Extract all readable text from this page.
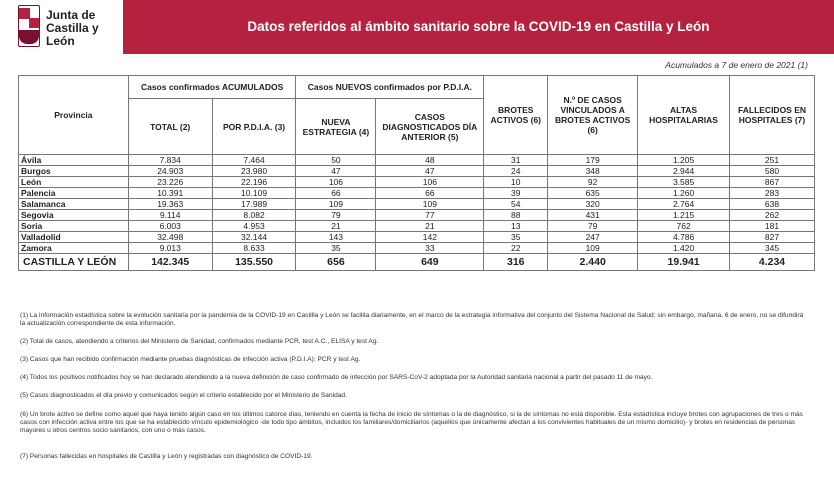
Junta de
Castilla y León
Datos referidos al ámbito sanitario sobre la COVID-19 en Castilla y León
Acumulados a 7 de enero de 2021 (1)
Provincia	Casos confirmados ACUMULADOS		Casos NUEVOS confirmados por P.D.I.A.		BROTES ACTIVOS (6)	N.º DE CASOS VINCULADOS A BROTES ACTIVOS (6)	ALTAS HOSPITALARIAS	FALLECIDOS EN HOSPITALES (7)
	TOTAL (2)	POR P.D.I.A. (3)	NUEVA ESTRATEGIA (4)	CASOS DIAGNOSTICADOS DÍA ANTERIOR (5)				
Ávila	7.834	7.464	50	48	31	179	1.205	251
Burgos	24.903	23.980	47	47	24	348	2.944	580
León	23.226	22.196	106	106	10	92	3.585	867
Palencia	10.391	10.109	66	66	39	635	1.260	283
Salamanca	19.363	17.989	109	109	54	320	2.764	638
Segovia	9.114	8.082	79	77	88	431	1.215	262
Soria	6.003	4.953	21	21	13	79	762	181
Valladolid	32.498	32.144	143	142	35	247	4.786	827
Zamora	9.013	8.633	35	33	22	109	1.420	345
CASTILLA Y LEÓN	142.345	135.550	656	649	316	2.440	19.941	4.234
(1) La información estadística sobre la evolución sanitaria por la pandemia de la COVID-19 en Castilla y León se facilita diariamente, en el marco de la estrategia informativa del conjunto del Sistema Nacional de Salud; sin embargo, mañana, 6 de enero, no se difundirá la actualización correspondiente de esta información.
(2) Total de casos, atendiendo a criterios del Ministerio de Sanidad, confirmados mediante PCR, test A.C., ELISA y test Ag.
(3) Casos que han recibido confirmación mediante pruebas diagnósticas de infección activa (P.D.I.A): PCR y test Ag.
(4) Todos los positivos notificados hoy se han declarado atendiendo a la nueva definición de caso confirmado de infección por SARS-CoV-2 adoptada por la Autoridad sanitaria nacional a partir del pasado 11 de mayo.
(5) Casos diagnosticados el día previo y comunicados según el criterio establecido por el Ministerio de Sanidad.
(6) Un brote activo se define como aquel que haya tenido algún caso en los últimos catorce días, teniendo en cuenta la fecha de inicio de síntomas o la de diagnóstico, si la de síntomas no está disponible. Esta estadística incluye brotes con agrupaciones de tres o más casos con infección activa entre los que se ha establecido vínculo epidemiológico -de todo tipo ámbitos, incluidos los familiares/domiciliarios (aquellos que únicamente afectan a los convivientes habituales de un mismo domicilio)- y brotes en residencias de personas mayores u otros centros socio sanitarios, con uno o más casos.
(7) Personas fallecidas en hospitales de Castilla y León y registradas con diagnóstico de COVID-19.
